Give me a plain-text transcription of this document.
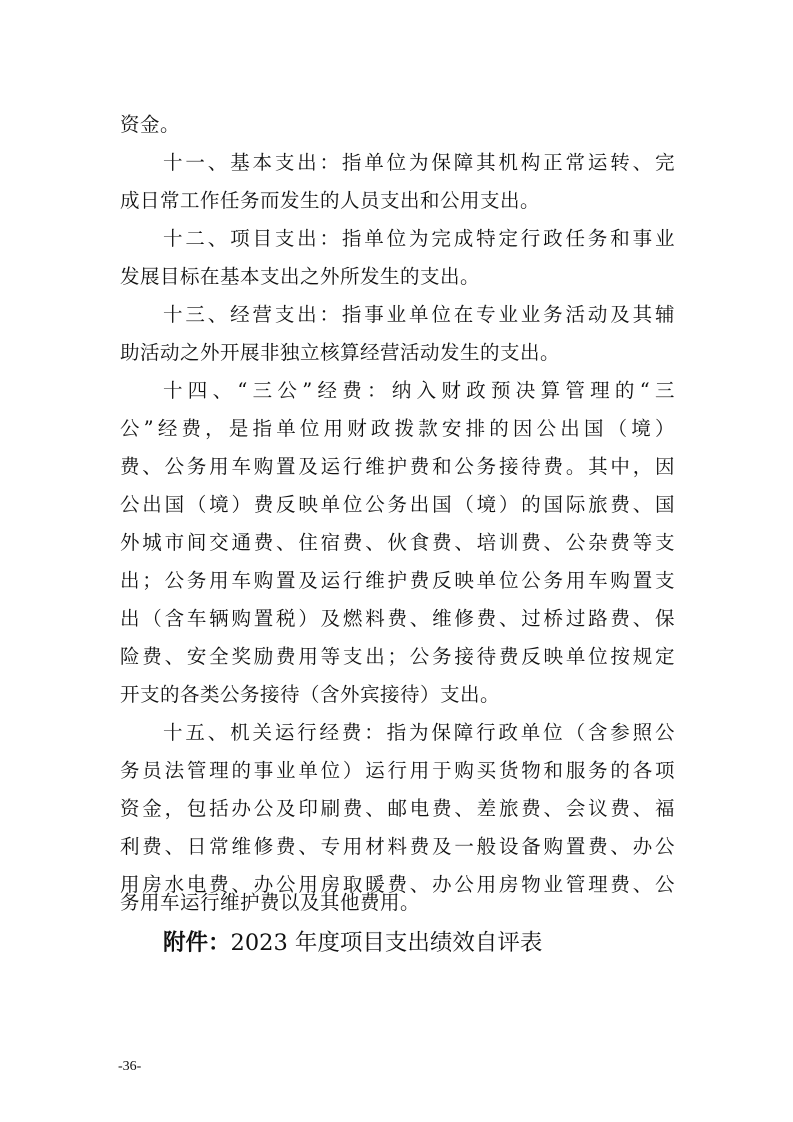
资金。
十一、基本支出：指单位为保障其机构正常运转、完
成日常工作任务而发生的人员支出和公用支出。
十二、项目支出：指单位为完成特定行政任务和事业
发展目标在基本支出之外所发生的支出。
十三、经营支出：指事业单位在专业业务活动及其辅
助活动之外开展非独立核算经营活动发生的支出。
十四、“三公”经费：纳入财政预决算管理的“三
公”经费，是指单位用财政拨款安排的因公出国（境）
费、公务用车购置及运行维护费和公务接待费。其中，因
公出国（境）费反映单位公务出国（境）的国际旅费、国
外城市间交通费、住宿费、伙食费、培训费、公杂费等支
出；公务用车购置及运行维护费反映单位公务用车购置支
出（含车辆购置税）及燃料费、维修费、过桥过路费、保
险费、安全奖励费用等支出；公务接待费反映单位按规定
开支的各类公务接待（含外宾接待）支出。
十五、机关运行经费：指为保障行政单位（含参照公
务员法管理的事业单位）运行用于购买货物和服务的各项
资金，包括办公及印刷费、邮电费、差旅费、会议费、福
利费、日常维修费、专用材料费及一般设备购置费、办公
用房水电费、办公用房取暖费、办公用房物业管理费、公
附件：2023 年度项目支出绩效自评表
-36-
务用车运行维护费以及其他费用。
